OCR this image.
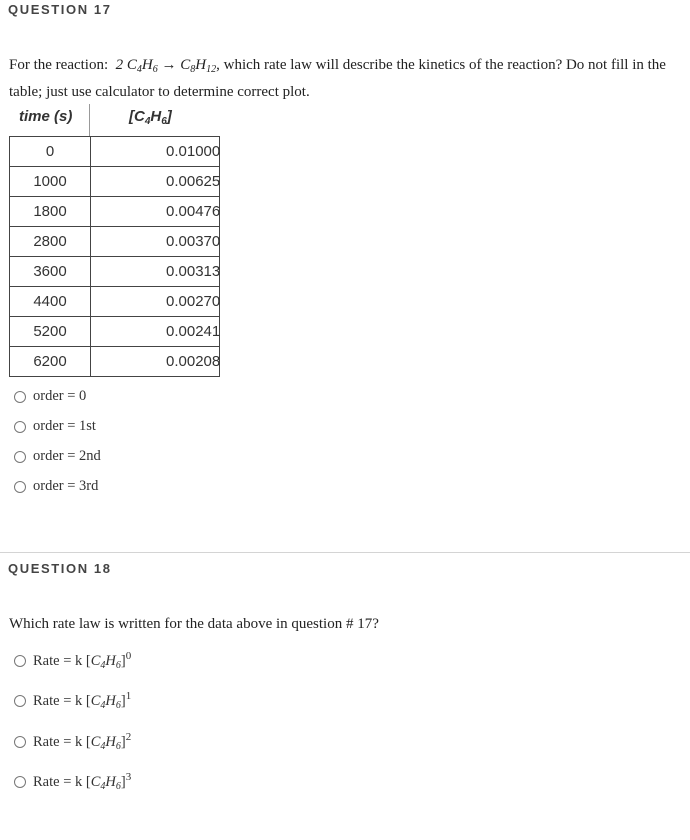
QUESTION 17
For the reaction: 2 $C_4H_6 \to C_8H_{12}$, which rate law will describe the kinetics of the reaction? Do not fill in the table; just use calculator to determine correct plot.
time (s)	$[C_4H_6]$
0	0.01000

1000	0.00625

1800	0.00476

2800	0.00370

3600	0.00313

4400	0.00270

5200	0.00241

6200	0.00208
order = 0
order = 1st
order = 2nd
order = 3rd
QUESTION 18
Which rate law is written for the data above in question # 17?
Rate = k $[C_4H_6]^0$
Rate = k $[C_4H_6]^1$
Rate = k $[C_4H_6]^2$
Rate = k $[C_4H_6]^3$
